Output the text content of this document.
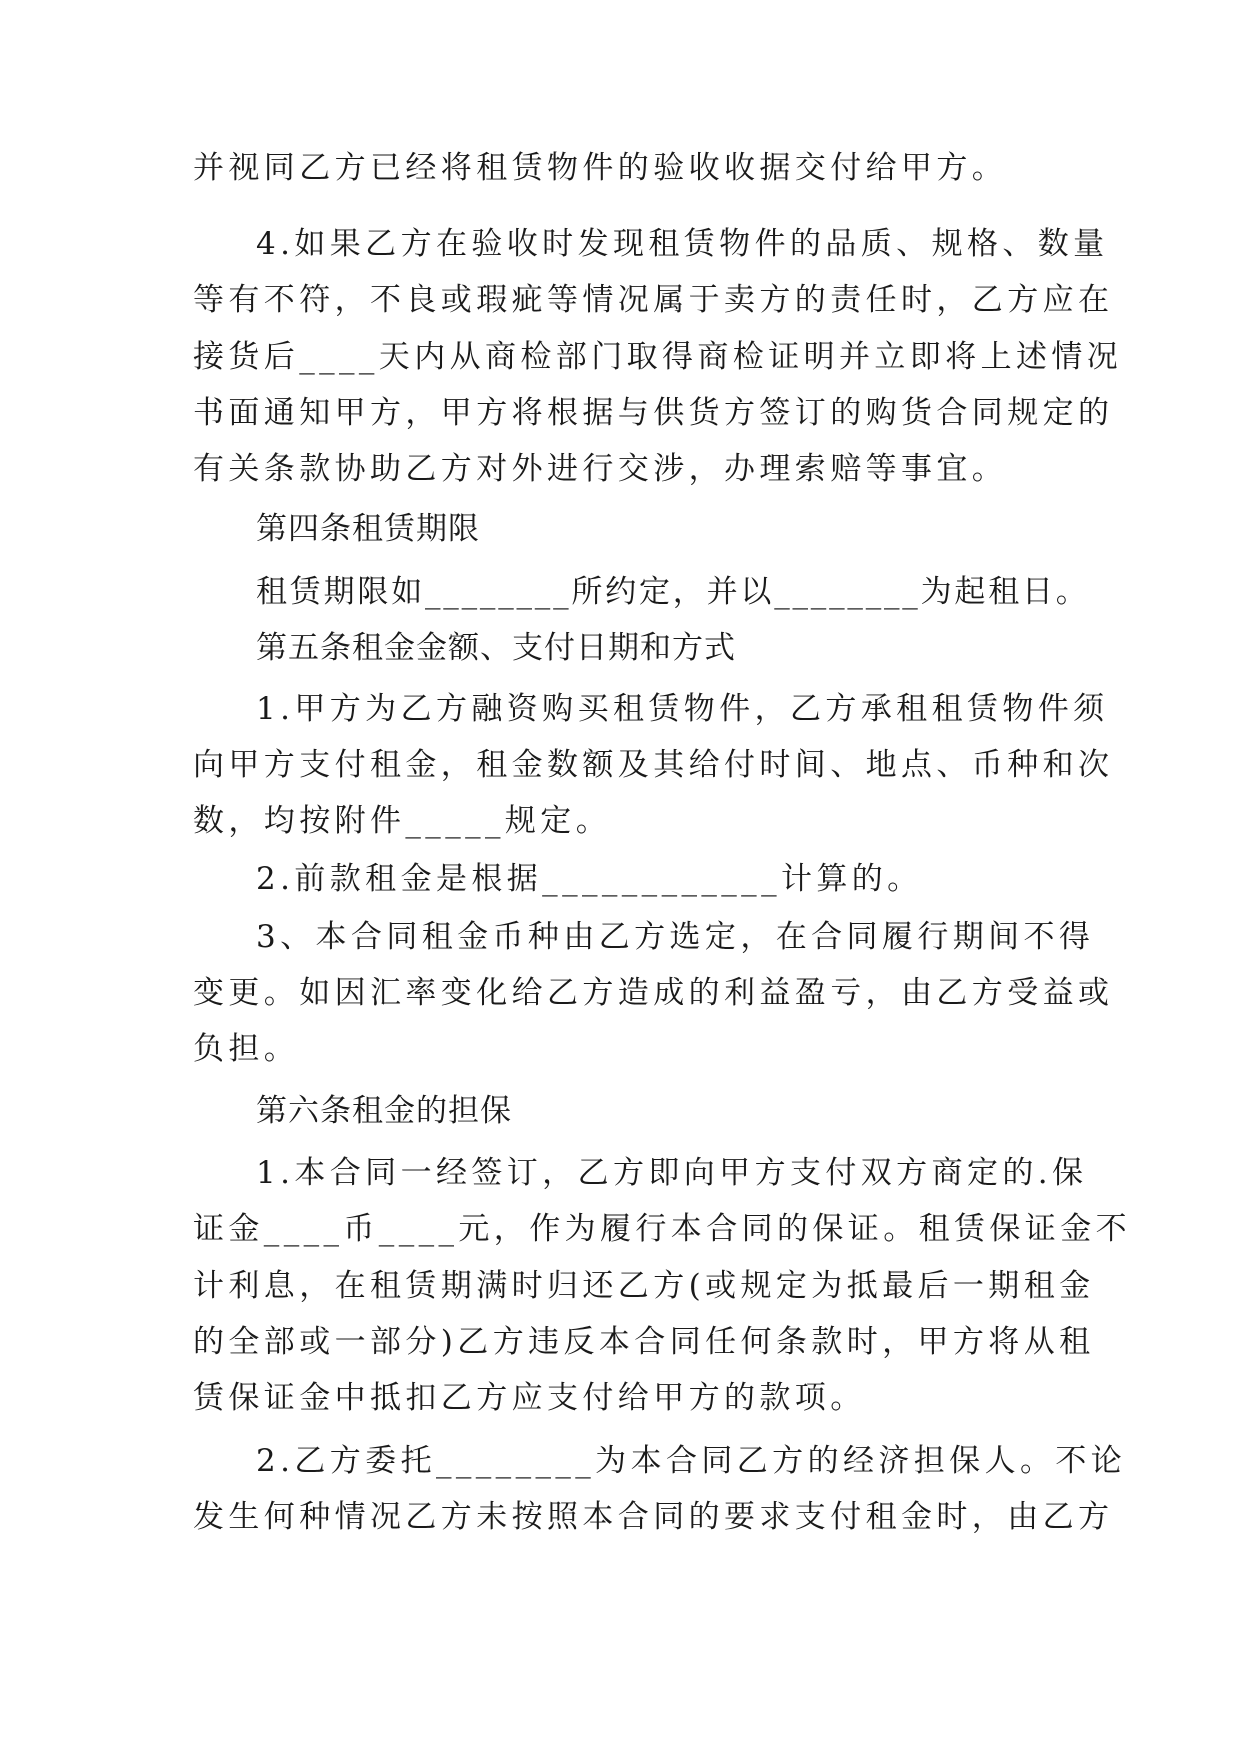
并视同乙方已经将租赁物件的验收收据交付给甲方。
4.如果乙方在验收时发现租赁物件的品质、规格、数量
等有不符，不良或瑕疵等情况属于卖方的责任时，乙方应在
接货后____天内从商检部门取得商检证明并立即将上述情况
书面通知甲方，甲方将根据与供货方签订的购货合同规定的
有关条款协助乙方对外进行交涉，办理索赔等事宜。
第四条租赁期限
租赁期限如________所约定，并以________为起租日。
第五条租金金额、支付日期和方式
1.甲方为乙方融资购买租赁物件，乙方承租租赁物件须
向甲方支付租金，租金数额及其给付时间、地点、币种和次
数，均按附件_____规定。
2.前款租金是根据____________计算的。
3、本合同租金币种由乙方选定，在合同履行期间不得
变更。如因汇率变化给乙方造成的利益盈亏，由乙方受益或
负担。
第六条租金的担保
1.本合同一经签订，乙方即向甲方支付双方商定的.保
证金____币____元，作为履行本合同的保证。租赁保证金不
计利息，在租赁期满时归还乙方(或规定为抵最后一期租金
的全部或一部分)乙方违反本合同任何条款时，甲方将从租
赁保证金中抵扣乙方应支付给甲方的款项。
2.乙方委托________为本合同乙方的经济担保人。不论
发生何种情况乙方未按照本合同的要求支付租金时，由乙方
